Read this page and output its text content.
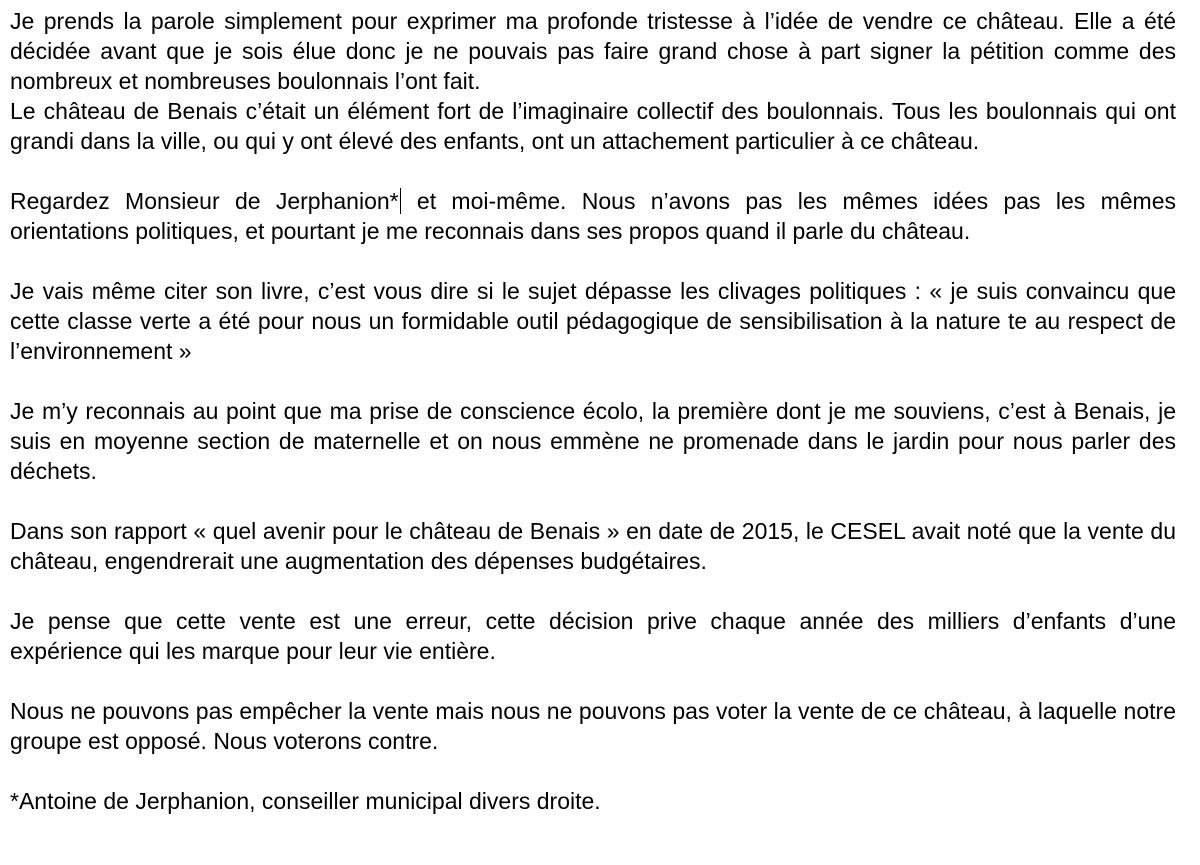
Je prends la parole simplement pour exprimer ma profonde tristesse à l’idée de vendre ce château. Elle a été décidée avant que je sois élue donc je ne pouvais pas faire grand chose à part signer la pétition comme des nombreux et nombreuses boulonnais l’ont fait.

Le château de Benais c’était un élément fort de l’imaginaire collectif des boulonnais. Tous les boulonnais qui ont grandi dans la ville, ou qui y ont élevé des enfants, ont un attachement particulier à ce château.

Regardez Monsieur de Jerphanion* et moi-même. Nous n’avons pas les mêmes idées pas les mêmes orientations politiques, et pourtant je me reconnais dans ses propos quand il parle du château.

Je vais même citer son livre, c’est vous dire si le sujet dépasse les clivages politiques : « je suis convaincu que cette classe verte a été pour nous un formidable outil pédagogique de sensibilisation à la nature te au respect de l’environnement »

Je m’y reconnais au point que ma prise de conscience écolo, la première dont je me souviens, c’est à Benais, je suis en moyenne section de maternelle et on nous emmène ne promenade dans le jardin pour nous parler des déchets.

Dans son rapport « quel avenir pour le château de Benais » en date de 2015, le CESEL avait noté que la vente du château, engendrerait une augmentation des dépenses budgétaires.

Je pense que cette vente est une erreur, cette décision prive chaque année des milliers d’enfants d’une expérience qui les marque pour leur vie entière.

Nous ne pouvons pas empêcher la vente mais nous ne pouvons pas voter la vente de ce château, à laquelle notre groupe est opposé. Nous voterons contre.

*Antoine de Jerphanion, conseiller municipal divers droite.
